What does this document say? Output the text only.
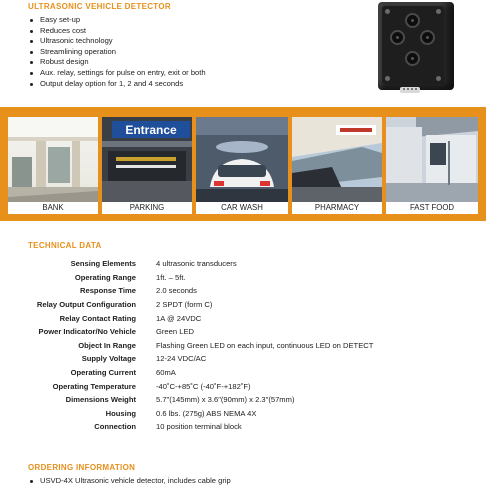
ULTRASONIC VEHICLE DETECTOR
Easy set-up
Reduces cost
Ultrasonic technology
Streamlining operation
Robust design
Aux. relay, settings for pulse on entry, exit or both
Output delay option for 1, 2 and 4 seconds
BANK
Entrance
PARKING	CAR WASH	PHARMACY	FAST FOOD
TECHNICAL DATA
Sensing Elements	4 ultrasonic transducers
Operating Range	1ft. – 5ft.
Response Time	2.0 seconds
Relay Output Configuration	2 SPDT (form C)
Relay Contact Rating	1A @ 24VDC
Power Indicator/No Vehicle	Green LED
Object In Range	Flashing Green LED on each input, continuous LED on DETECT
Supply Voltage	12-24 VDC/AC
Operating Current	60mA
Operating Temperature	-40˚C-+85˚C (-40˚F-+182˚F)
Dimensions Weight	5.7"(145mm) x 3.6"(90mm) x 2.3"(57mm)
Housing	0.6 lbs. (275g) ABS NEMA 4X
Connection	10 position terminal block
ORDERING INFORMATION
USVD-4X Ultrasonic vehicle detector, includes cable grip
